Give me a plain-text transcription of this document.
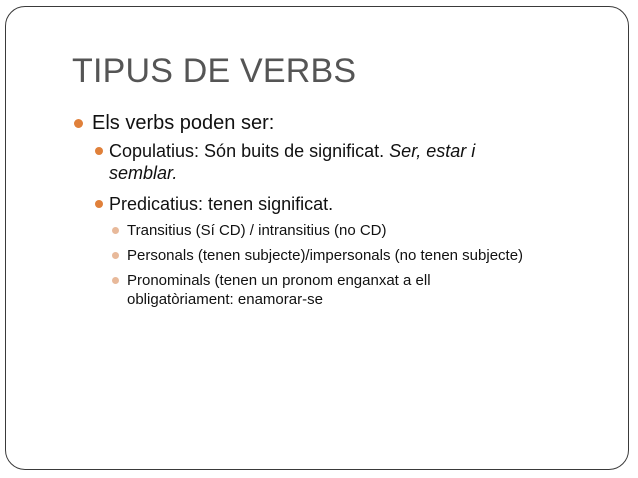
TIPUS DE VERBS
Els verbs poden ser:
Copulatius: Són buits de significat. Ser, estar i
semblar.
Predicatius: tenen significat.
Transitius (Sí CD) / intransitius (no CD)
Personals (tenen subjecte)/impersonals (no tenen subjecte)
Pronominals (tenen un pronom enganxat a ell
obligatòriament: enamorar-se
